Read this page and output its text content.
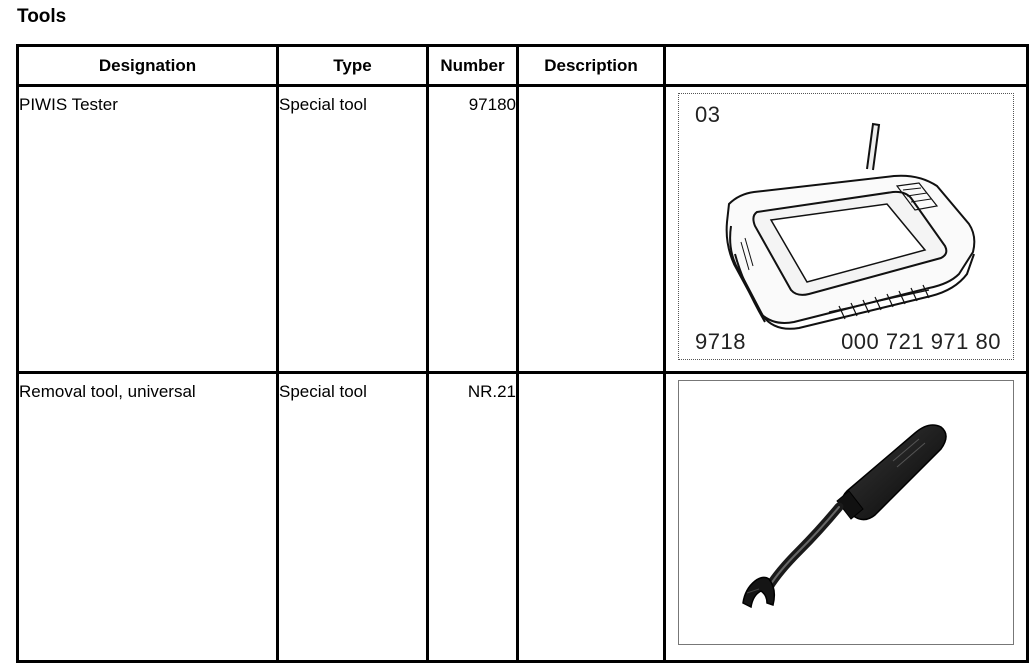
Tools
Designation	Type	Number	Description	
PIWIS Tester	Special tool	97180		03
9718 000 721 971 80

Removal tool, universal	Special tool	NR.21		
